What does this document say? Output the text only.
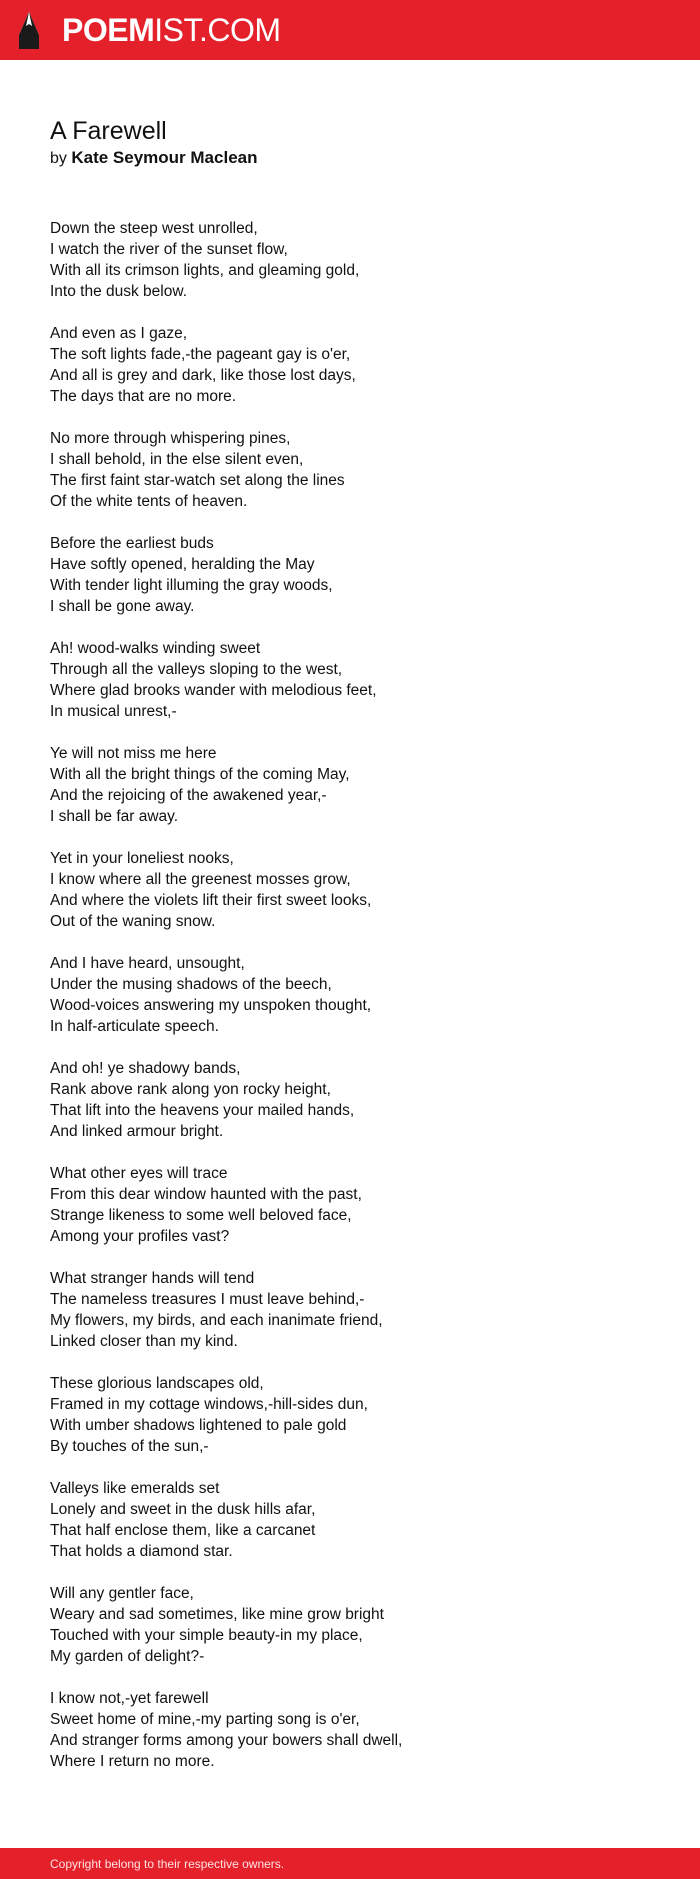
POEMIST.COM
A Farewell
by Kate Seymour Maclean
Down the steep west unrolled,
I watch the river of the sunset flow,
With all its crimson lights, and gleaming gold,
Into the dusk below.
And even as I gaze,
The soft lights fade,-the pageant gay is o'er,
And all is grey and dark, like those lost days,
The days that are no more.
No more through whispering pines,
I shall behold, in the else silent even,
The first faint star-watch set along the lines
Of the white tents of heaven.
Before the earliest buds
Have softly opened, heralding the May
With tender light illuming the gray woods,
I shall be gone away.
Ah! wood-walks winding sweet
Through all the valleys sloping to the west,
Where glad brooks wander with melodious feet,
In musical unrest,-
Ye will not miss me here
With all the bright things of the coming May,
And the rejoicing of the awakened year,-
I shall be far away.
Yet in your loneliest nooks,
I know where all the greenest mosses grow,
And where the violets lift their first sweet looks,
Out of the waning snow.
And I have heard, unsought,
Under the musing shadows of the beech,
Wood-voices answering my unspoken thought,
In half-articulate speech.
And oh! ye shadowy bands,
Rank above rank along yon rocky height,
That lift into the heavens your mailed hands,
And linked armour bright.
What other eyes will trace
From this dear window haunted with the past,
Strange likeness to some well beloved face,
Among your profiles vast?
What stranger hands will tend
The nameless treasures I must leave behind,-
My flowers, my birds, and each inanimate friend,
Linked closer than my kind.
These glorious landscapes old,
Framed in my cottage windows,-hill-sides dun,
With umber shadows lightened to pale gold
By touches of the sun,-
Valleys like emeralds set
Lonely and sweet in the dusk hills afar,
That half enclose them, like a carcanet
That holds a diamond star.
Will any gentler face,
Weary and sad sometimes, like mine grow bright
Touched with your simple beauty-in my place,
My garden of delight?-
I know not,-yet farewell
Sweet home of mine,-my parting song is o'er,
And stranger forms among your bowers shall dwell,
Where I return no more.
Copyright belong to their respective owners.
